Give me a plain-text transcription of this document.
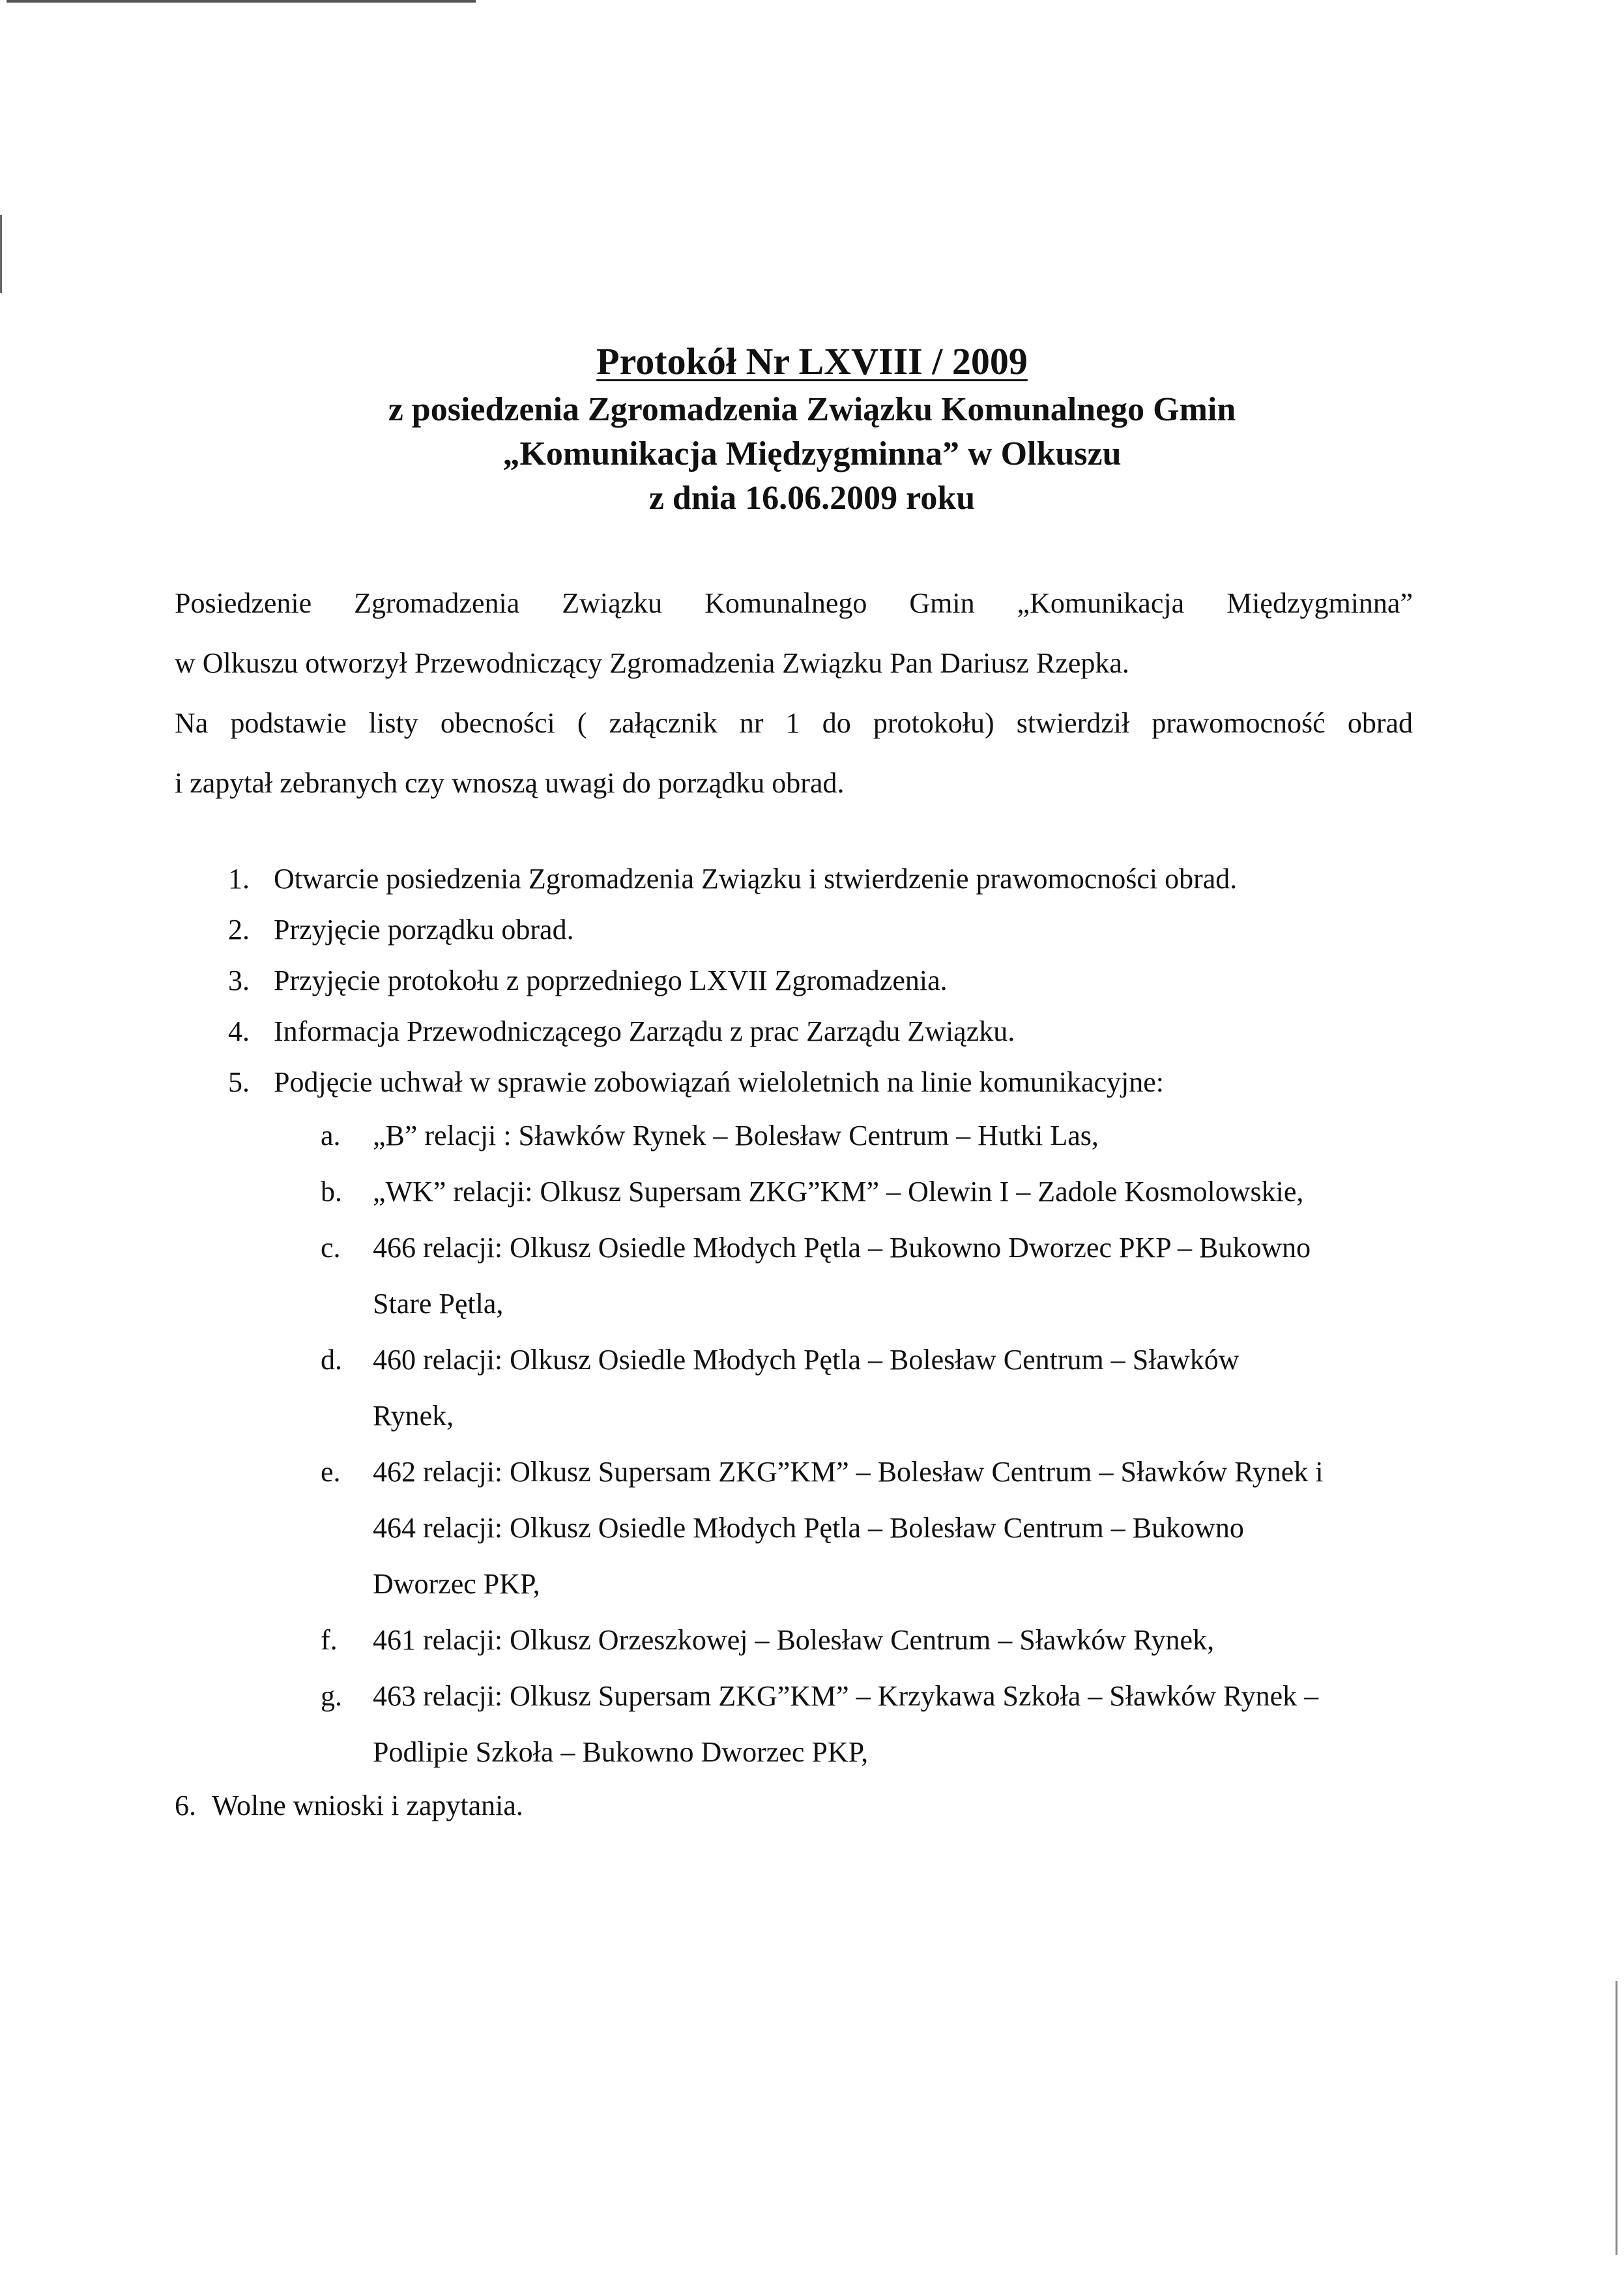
Protokół Nr LXVIII / 2009
z posiedzenia Zgromadzenia Związku Komunalnego Gmin
„Komunikacja Międzygminna” w Olkuszu
z dnia 16.06.2009 roku

Posiedzenie Zgromadzenia Związku Komunalnego Gmin „Komunikacja Międzygminna”

w Olkuszu otworzył Przewodniczący Zgromadzenia Związku Pan Dariusz Rzepka.

Na podstawie listy obecności ( załącznik nr 1 do protokołu) stwierdził prawomocność obrad

i zapytał zebranych czy wnoszą uwagi do porządku obrad.

1. Otwarcie posiedzenia Zgromadzenia Związku i stwierdzenie prawomocności obrad.
2. Przyjęcie porządku obrad.
3. Przyjęcie protokołu z poprzedniego LXVII Zgromadzenia.
4. Informacja Przewodniczącego Zarządu z prac Zarządu Związku.
5. Podjęcie uchwał w sprawie zobowiązań wieloletnich na linie komunikacyjne:
a.	„B” relacji : Sławków Rynek – Bolesław Centrum – Hutki Las,
b.	„WK” relacji: Olkusz Supersam ZKG”KM” – Olewin I – Zadole Kosmolowskie,
c.	466 relacji: Olkusz Osiedle Młodych Pętla – Bukowno Dworzec PKP – Bukowno Stare Pętla,
d.	460 relacji: Olkusz Osiedle Młodych Pętla – Bolesław Centrum – Sławków Rynek,
e.	462 relacji: Olkusz Supersam ZKG”KM” – Bolesław Centrum – Sławków Rynek i 464 relacji: Olkusz Osiedle Młodych Pętla – Bolesław Centrum – Bukowno Dworzec PKP,
f.	461 relacji: Olkusz Orzeszkowej – Bolesław Centrum – Sławków Rynek,
g.	463 relacji: Olkusz Supersam ZKG”KM” – Krzykawa Szkoła – Sławków Rynek – Podlipie Szkoła – Bukowno Dworzec PKP,
6. Wolne wnioski i zapytania.
